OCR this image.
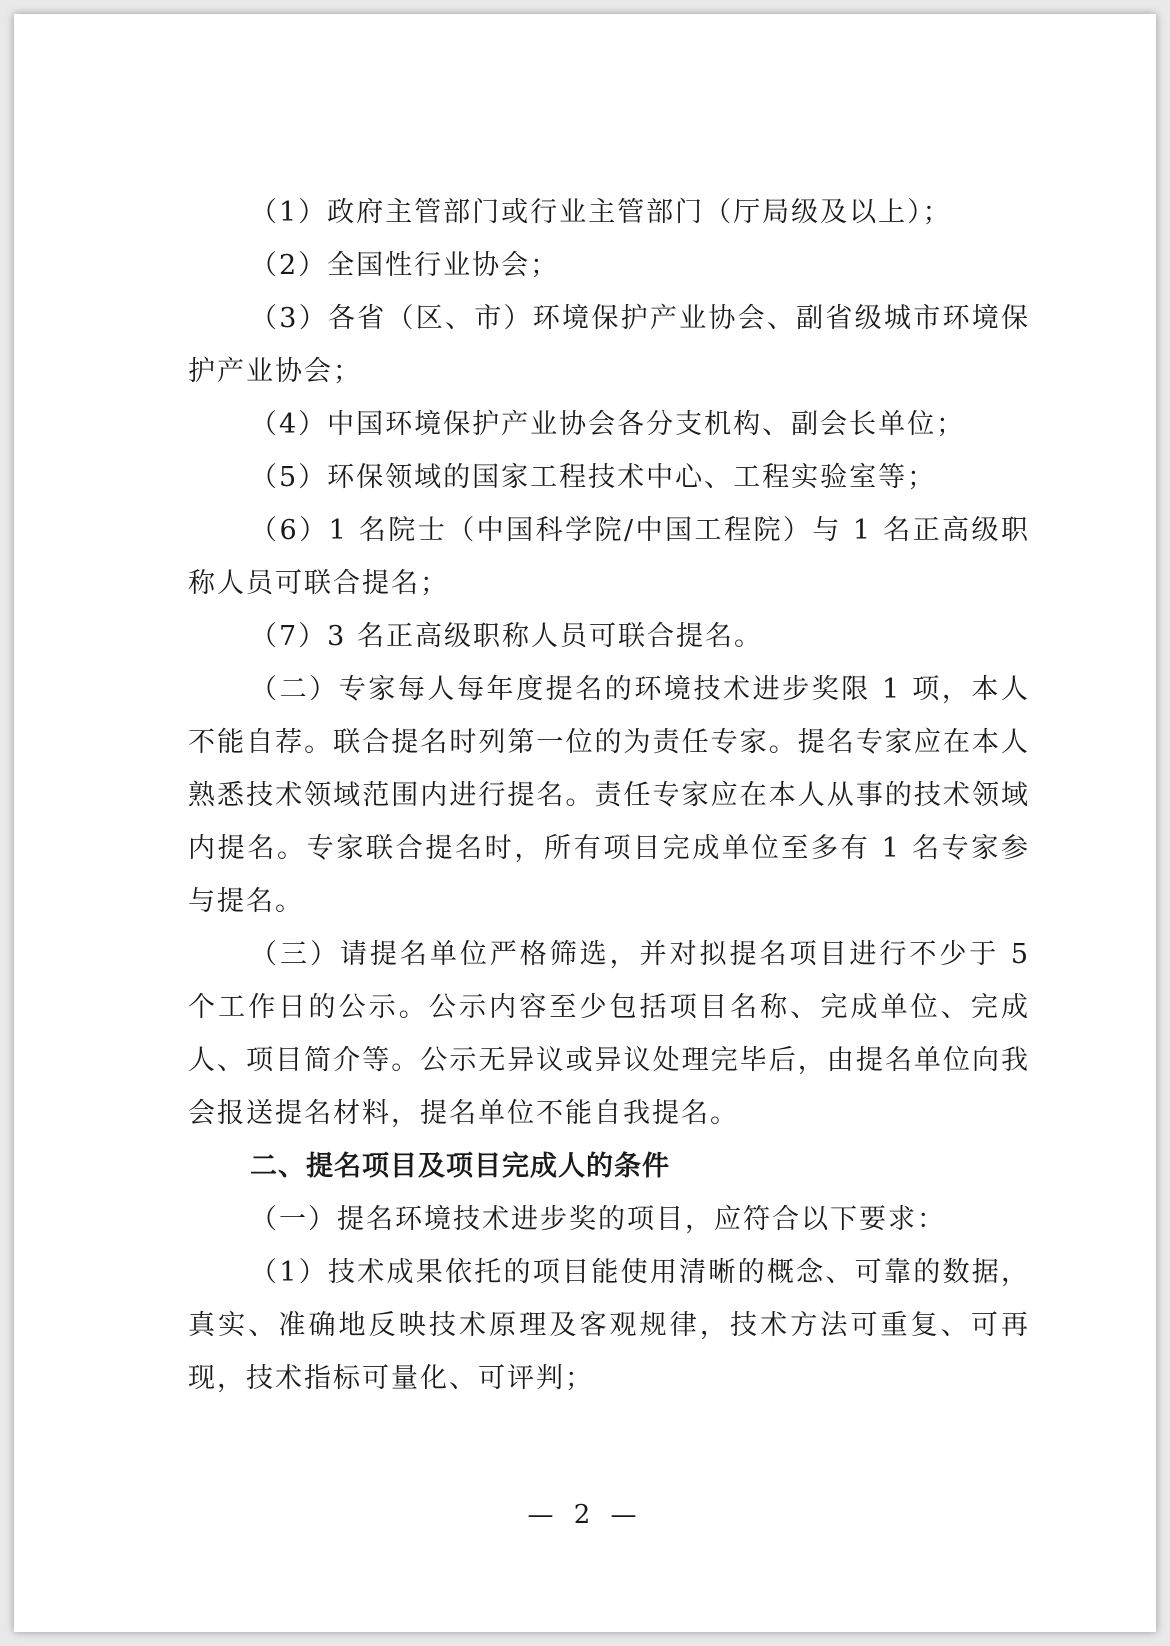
（1）政府主管部门或行业主管部门（厅局级及以上）；

（2）全国性行业协会；

（3）各省（区、市）环境保护产业协会、副省级城市环境保护产业协会；

（4）中国环境保护产业协会各分支机构、副会长单位；

（5）环保领域的国家工程技术中心、工程实验室等；

（6）1 名院士（中国科学院/中国工程院）与 1 名正高级职称人员可联合提名；

（7）3 名正高级职称人员可联合提名。

（二）专家每人每年度提名的环境技术进步奖限 1 项，本人不能自荐。联合提名时列第一位的为责任专家。提名专家应在本人熟悉技术领域范围内进行提名。责任专家应在本人从事的技术领域内提名。专家联合提名时，所有项目完成单位至多有 1 名专家参与提名。

（三）请提名单位严格筛选，并对拟提名项目进行不少于 5 个工作日的公示。公示内容至少包括项目名称、完成单位、完成人、项目简介等。公示无异议或异议处理完毕后，由提名单位向我会报送提名材料，提名单位不能自我提名。

二、提名项目及项目完成人的条件

（一）提名环境技术进步奖的项目，应符合以下要求：

（1）技术成果依托的项目能使用清晰的概念、可靠的数据，真实、准确地反映技术原理及客观规律，技术方法可重复、可再现，技术指标可量化、可评判；

— 2 —
